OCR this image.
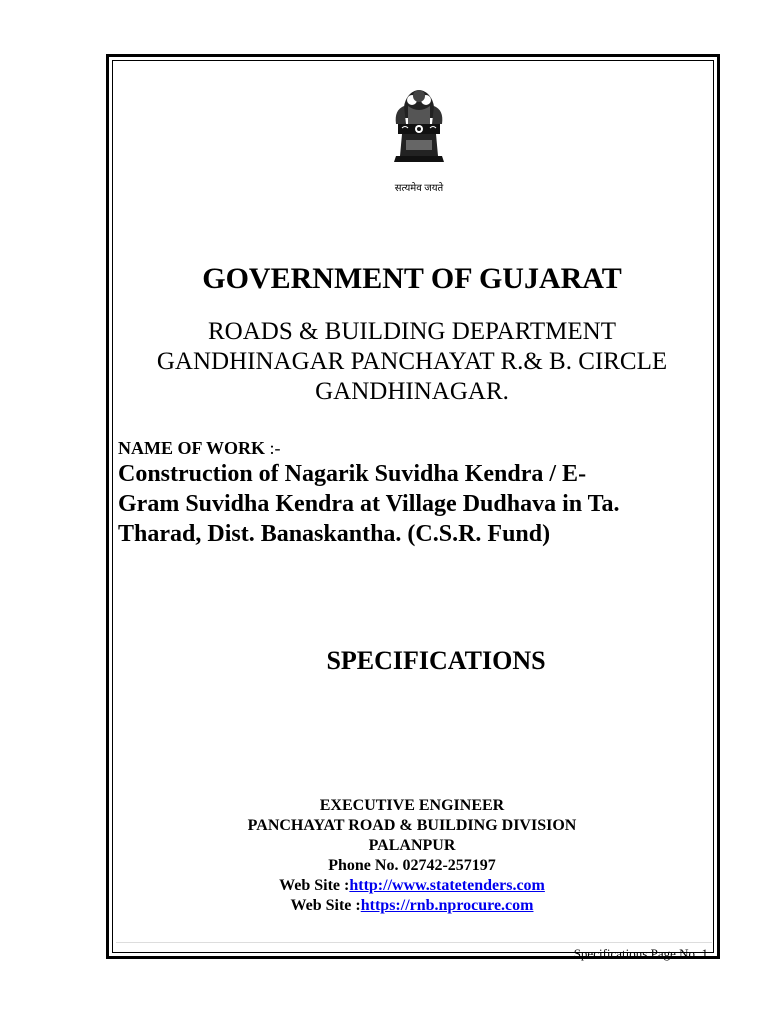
सत्यमेव जयते
GOVERNMENT OF GUJARAT
ROADS & BUILDING DEPARTMENT
GANDHINAGAR PANCHAYAT R.& B. CIRCLE
GANDHINAGAR.
NAME OF WORK :-
Construction of Nagarik Suvidha Kendra / E-
Gram Suvidha Kendra at Village Dudhava in Ta.
Tharad, Dist. Banaskantha. (C.S.R. Fund)
SPECIFICATIONS
EXECUTIVE ENGINEER
PANCHAYAT ROAD & BUILDING DIVISION
PALANPUR
Phone No. 02742-257197
Web Site :http://www.statetenders.com
Web Site :https://rnb.nprocure.com
Specifications Page No. 1
